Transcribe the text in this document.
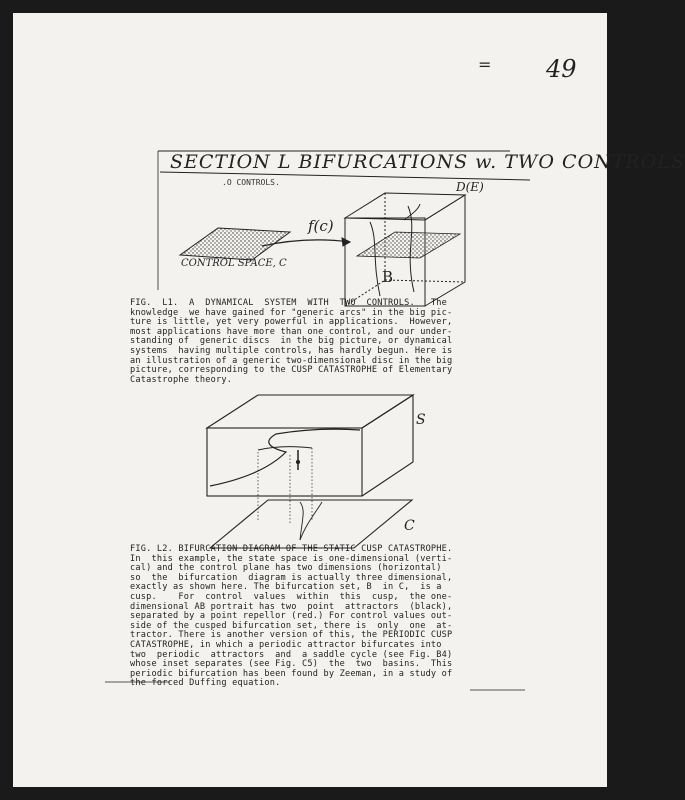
= 49
SECTION L BIFURCATIONS w. TWO CONTROLS
.O CONTROLS.
f(c)
CONTROL SPACE, C
D(E)
B
FIG.  L1.  A  DYNAMICAL  SYSTEM  WITH  TWO  CONTROLS.   The
knowledge  we have gained for "generic arcs" in the big pic-
ture is little, yet very powerful in applications.  However,
most applications have more than one control, and our under-
standing of  generic discs  in the big picture, or dynamical
systems  having multiple controls, has hardly begun. Here is
an illustration of a generic two-dimensional disc in the big
picture, corresponding to the CUSP CATASTROPHE of Elementary
Catastrophe theory.
S
C
FIG. L2. BIFURCATION DIAGRAM OF THE STATIC CUSP CATASTROPHE.
In  this example, the state space is one-dimensional (verti-
cal) and the control plane has two dimensions (horizontal)
so  the  bifurcation  diagram is actually three dimensional,
exactly as shown here. The bifurcation set, B  in C,  is a
cusp.    For  control  values  within  this  cusp,  the one-
dimensional AB portrait has two  point  attractors  (black),
separated by a point repellor (red.) For control values out-
side of the cusped bifurcation set, there is  only  one  at-
tractor. There is another version of this, the PERIODIC CUSP
CATASTROPHE, in which a periodic attractor bifurcates into
two  periodic  attractors  and  a saddle cycle (see Fig. B4)
whose inset separates (see Fig. C5)  the  two  basins.  This
periodic bifurcation has been found by Zeeman, in a study of
the forced Duffing equation.
